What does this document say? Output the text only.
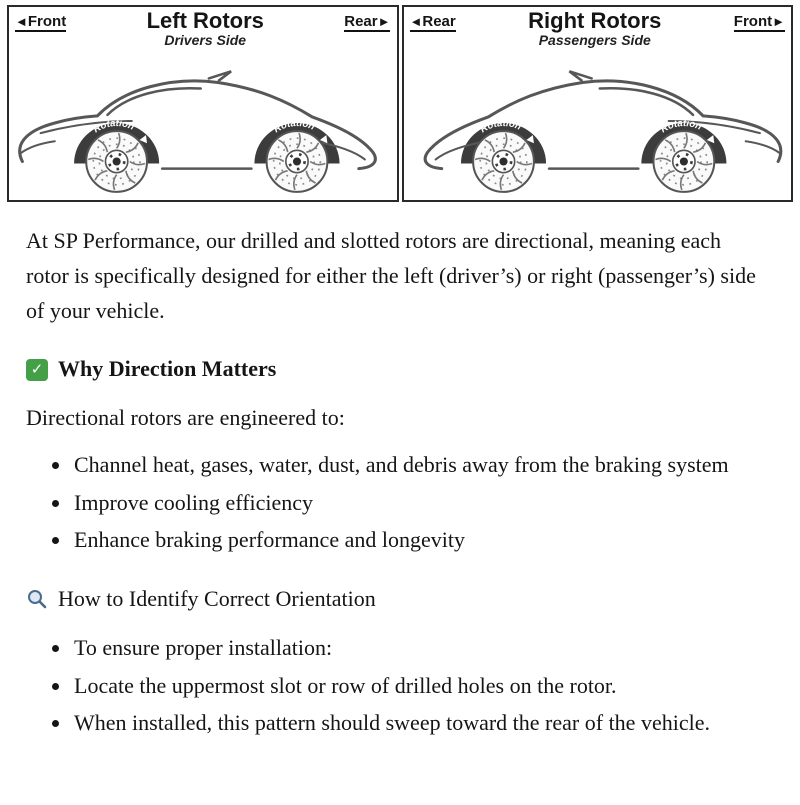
◄Front	Left Rotors
Drivers Side
Rear► ◄Rear	Right Rotors
Passengers Side
Front►

At SP Performance, our drilled and slotted rotors are directional, meaning each rotor is specifically designed for either the left (driver’s) or right (passenger’s) side of your vehicle.

✓ Why Direction Matters

Directional rotors are engineered to:

• Channel heat, gases, water, dust, and debris away from the braking system
• Improve cooling efficiency
• Enhance braking performance and longevity
How to Identify Correct Orientation
• To ensure proper installation:
• Locate the uppermost slot or row of drilled holes on the rotor.
• When installed, this pattern should sweep toward the rear of the vehicle.
